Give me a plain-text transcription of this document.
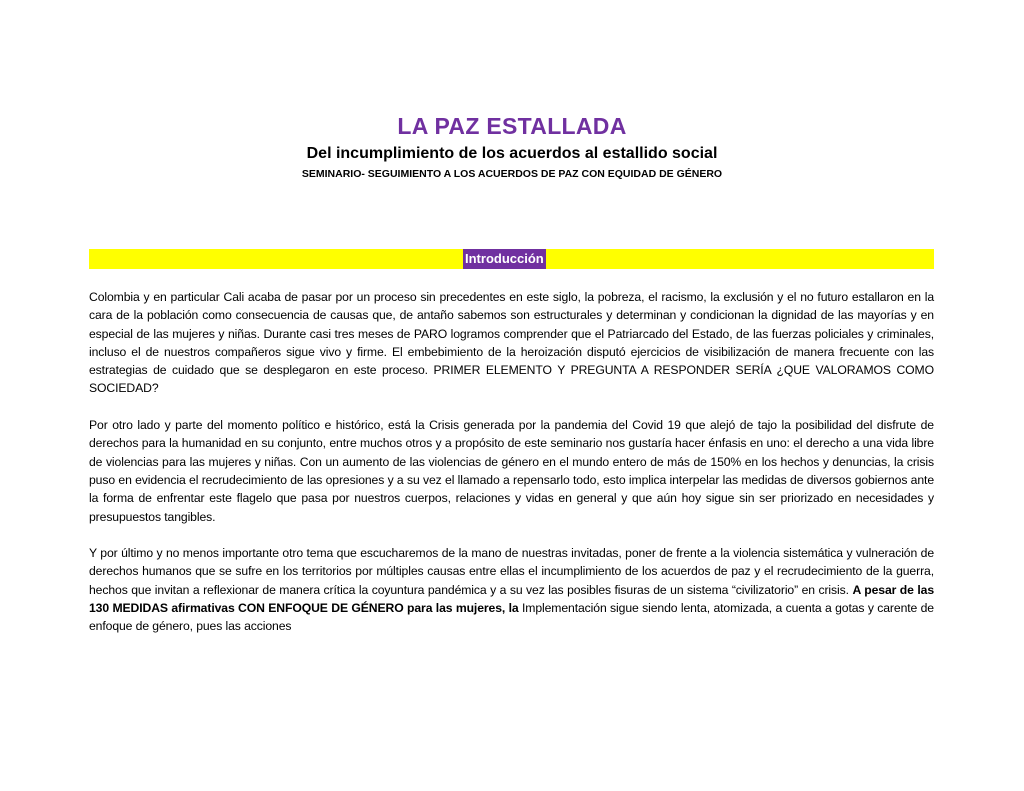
LA PAZ ESTALLADA
Del incumplimiento de los acuerdos al estallido social
SEMINARIO- SEGUIMIENTO A LOS ACUERDOS DE PAZ CON EQUIDAD DE GÉNERO
Introducción

Colombia y en particular Cali acaba de pasar por un proceso sin precedentes en este siglo, la pobreza, el racismo, la exclusión y el no futuro estallaron en la cara de la población como consecuencia de causas que, de antaño sabemos son estructurales y determinan y condicionan la dignidad de las mayorías y en especial de las mujeres y niñas. Durante casi tres meses de PARO logramos comprender que el Patriarcado del Estado, de las fuerzas policiales y criminales, incluso el de nuestros compañeros sigue vivo y firme. El embebimiento de la heroización disputó ejercicios de visibilización de manera frecuente con las estrategias de cuidado que se desplegaron en este proceso. PRIMER ELEMENTO Y PREGUNTA A RESPONDER SERÍA ¿QUE VALORAMOS COMO SOCIEDAD?

Por otro lado y parte del momento político e histórico, está la Crisis generada por la pandemia del Covid 19 que alejó de tajo la posibilidad del disfrute de derechos para la humanidad en su conjunto, entre muchos otros y a propósito de este seminario nos gustaría hacer énfasis en uno: el derecho a una vida libre de violencias para las mujeres y niñas. Con un aumento de las violencias de género en el mundo entero de más de 150% en los hechos y denuncias, la crisis puso en evidencia el recrudecimiento de las opresiones y a su vez el llamado a repensarlo todo, esto implica interpelar las medidas de diversos gobiernos ante la forma de enfrentar este flagelo que pasa por nuestros cuerpos, relaciones y vidas en general y que aún hoy sigue sin ser priorizado en necesidades y presupuestos tangibles.

Y por último y no menos importante otro tema que escucharemos de la mano de nuestras invitadas, poner de frente a la violencia sistemática y vulneración de derechos humanos que se sufre en los territorios por múltiples causas entre ellas el incumplimiento de los acuerdos de paz y el recrudecimiento de la guerra, hechos que invitan a reflexionar de manera crítica la coyuntura pandémica y a su vez las posibles fisuras de un sistema “civilizatorio” en crisis. A pesar de las 130 MEDIDAS afirmativas CON ENFOQUE DE GÉNERO para las mujeres, la Implementación sigue siendo lenta, atomizada, a cuenta a gotas y carente de enfoque de género, pues las acciones
